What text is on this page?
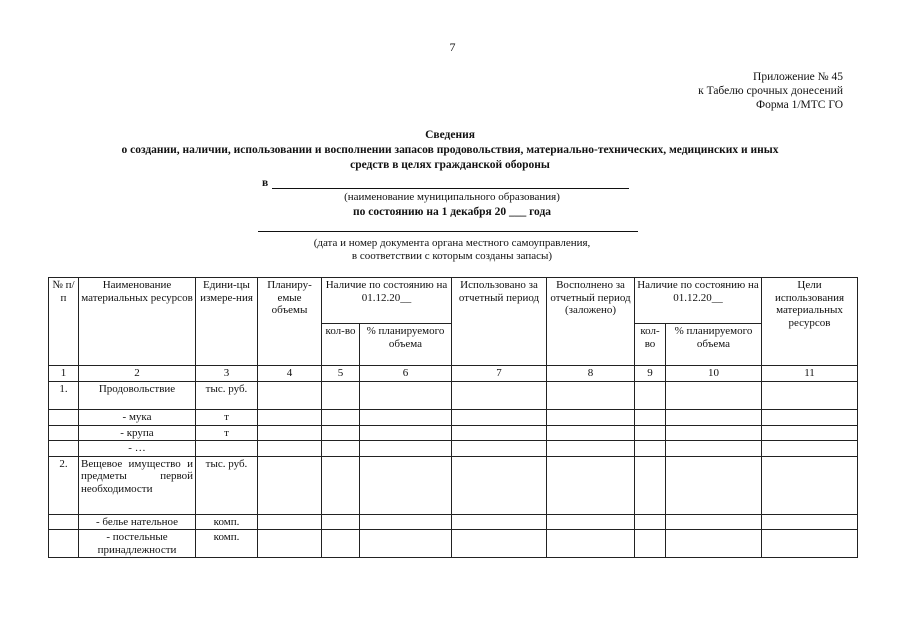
7
Приложение № 45
к Табелю срочных донесений
Форма 1/МТС ГО
Сведения
о создании, наличии, использовании и восполнении запасов продовольствия, материально-технических, медицинских и иных
средств в целях гражданской обороны
в
(наименование муниципального образования)
по состоянию на 1 декабря 20 ___ года
(дата и номер документа органа местного самоуправления,
в соответствии с которым созданы запасы)
№ п/п	Наименование материальных ресурсов	Едини-цы измере-ния	Планиру-емые объемы	Наличие по состоянию на 01.12.20__		Использовано за отчетный период	Восполнено за отчетный период (заложено)	Наличие по состоянию на 01.12.20__		Цели использования материальных ресурсов
				кол-во	% планируемого объема			кол-во	% планируемого объема	
1	2	3	4	5	6	7	8	9	10	11
1.	Продовольствие	тыс. руб.								
	- мука	т								
	- крупа	т								
	- …									
2.	Вещевое имущество и предметы первой необходимости	тыс. руб.								
	- белье нательное	комп.								
	- постельные принадлежности	комп.								
